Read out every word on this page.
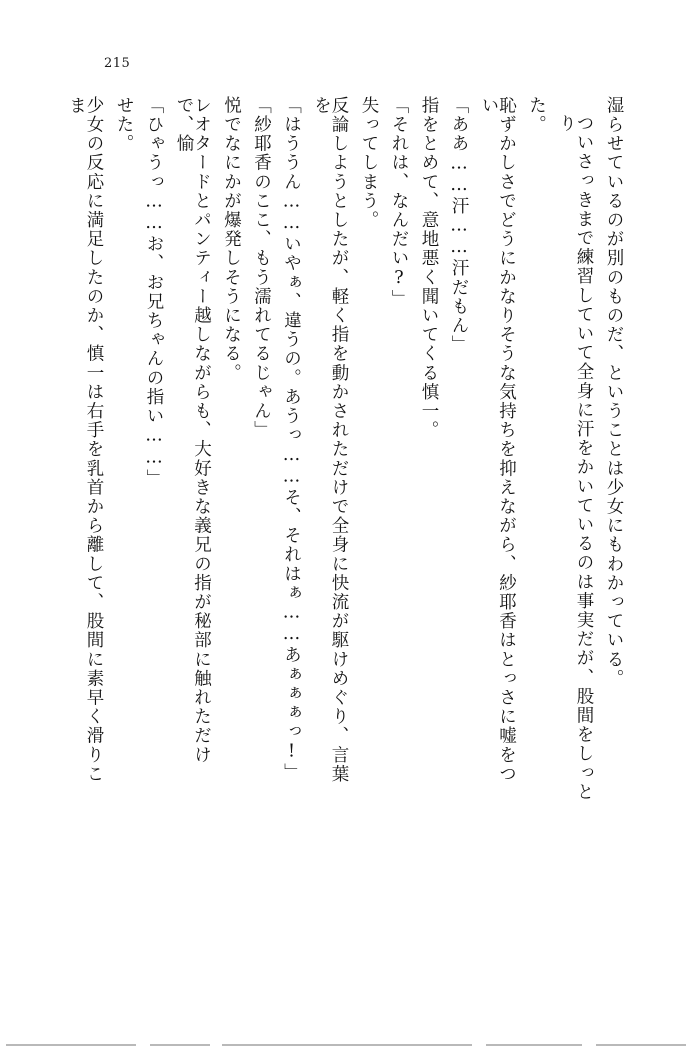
215
少女の反応に満足したのか、慎一は右手を乳首から離して、股間に素早く滑りこま	せた。 「ひゃうっ……お、お兄ちゃんの指い……」	レオタードとパンティー越しながらも、大好きな義兄の指が秘部に触れただけで、愉	悦でなにかが爆発しそうになる。 「紗耶香のここ、もう濡れてるじゃん」 「はううん……いやぁ、違うの。あうっ……そ、それはぁ……あぁぁぁっ!」	反論しようとしたが、軽く指を動かされただけで全身に快流が駆けめぐり、言葉を	失ってしまう。 「それは、なんだい?」 指をとめて、意地悪く聞いてくる慎一。 「ああ……汗……汗だもん」	恥ずかしさでどうにかなりそうな気持ちを抑えながら、紗耶香はとっさに嘘をつい	た。	ついさっきまで練習していて全身に汗をかいているのは事実だが、股間をしっとり	湿らせているのが別のものだ、ということは少女にもわかっている。
